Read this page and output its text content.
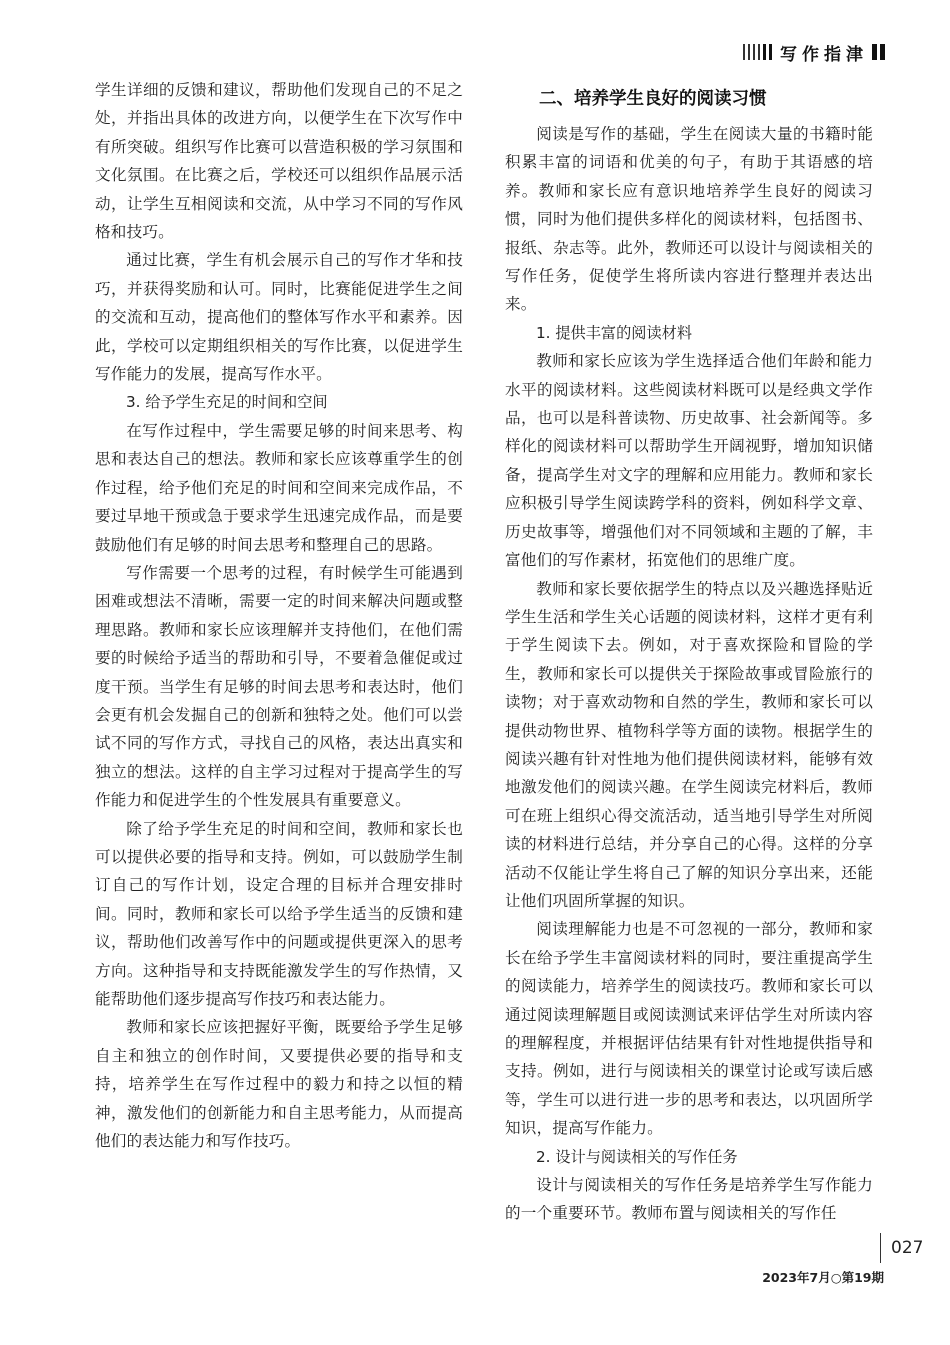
写作指津

学生详细的反馈和建议，帮助他们发现自己的不足之处，并指出具体的改进方向，以便学生在下次写作中有所突破。组织写作比赛可以营造积极的学习氛围和文化氛围。在比赛之后，学校还可以组织作品展示活动，让学生互相阅读和交流，从中学习不同的写作风格和技巧。

通过比赛，学生有机会展示自己的写作才华和技巧，并获得奖励和认可。同时，比赛能促进学生之间的交流和互动，提高他们的整体写作水平和素养。因此，学校可以定期组织相关的写作比赛，以促进学生写作能力的发展，提高写作水平。

3. 给予学生充足的时间和空间

在写作过程中，学生需要足够的时间来思考、构思和表达自己的想法。教师和家长应该尊重学生的创作过程，给予他们充足的时间和空间来完成作品，不要过早地干预或急于要求学生迅速完成作品，而是要鼓励他们有足够的时间去思考和整理自己的思路。

写作需要一个思考的过程，有时候学生可能遇到困难或想法不清晰，需要一定的时间来解决问题或整理思路。教师和家长应该理解并支持他们，在他们需要的时候给予适当的帮助和引导，不要着急催促或过度干预。当学生有足够的时间去思考和表达时，他们会更有机会发掘自己的创新和独特之处。他们可以尝试不同的写作方式，寻找自己的风格，表达出真实和独立的想法。这样的自主学习过程对于提高学生的写作能力和促进学生的个性发展具有重要意义。

除了给予学生充足的时间和空间，教师和家长也可以提供必要的指导和支持。例如，可以鼓励学生制订自己的写作计划，设定合理的目标并合理安排时间。同时，教师和家长可以给予学生适当的反馈和建议，帮助他们改善写作中的问题或提供更深入的思考方向。这种指导和支持既能激发学生的写作热情，又能帮助他们逐步提高写作技巧和表达能力。

教师和家长应该把握好平衡，既要给予学生足够自主和独立的创作时间，又要提供必要的指导和支持，培养学生在写作过程中的毅力和持之以恒的精神，激发他们的创新能力和自主思考能力，从而提高他们的表达能力和写作技巧。

二、培养学生良好的阅读习惯

阅读是写作的基础，学生在阅读大量的书籍时能积累丰富的词语和优美的句子，有助于其语感的培养。教师和家长应有意识地培养学生良好的阅读习惯，同时为他们提供多样化的阅读材料，包括图书、报纸、杂志等。此外，教师还可以设计与阅读相关的写作任务，促使学生将所读内容进行整理并表达出来。

1. 提供丰富的阅读材料

教师和家长应该为学生选择适合他们年龄和能力水平的阅读材料。这些阅读材料既可以是经典文学作品，也可以是科普读物、历史故事、社会新闻等。多样化的阅读材料可以帮助学生开阔视野，增加知识储备，提高学生对文字的理解和应用能力。教师和家长应积极引导学生阅读跨学科的资料，例如科学文章、历史故事等，增强他们对不同领域和主题的了解，丰富他们的写作素材，拓宽他们的思维广度。

教师和家长要依据学生的特点以及兴趣选择贴近学生生活和学生关心话题的阅读材料，这样才更有利于学生阅读下去。例如，对于喜欢探险和冒险的学生，教师和家长可以提供关于探险故事或冒险旅行的读物；对于喜欢动物和自然的学生，教师和家长可以提供动物世界、植物科学等方面的读物。根据学生的阅读兴趣有针对性地为他们提供阅读材料，能够有效地激发他们的阅读兴趣。在学生阅读完材料后，教师可在班上组织心得交流活动，适当地引导学生对所阅读的材料进行总结，并分享自己的心得。这样的分享活动不仅能让学生将自己了解的知识分享出来，还能让他们巩固所掌握的知识。

阅读理解能力也是不可忽视的一部分，教师和家长在给予学生丰富阅读材料的同时，要注重提高学生的阅读能力，培养学生的阅读技巧。教师和家长可以通过阅读理解题目或阅读测试来评估学生对所读内容的理解程度，并根据评估结果有针对性地提供指导和支持。例如，进行与阅读相关的课堂讨论或写读后感等，学生可以进行进一步的思考和表达，以巩固所学知识，提高写作能力。

2. 设计与阅读相关的写作任务

设计与阅读相关的写作任务是培养学生写作能力的一个重要环节。教师布置与阅读相关的写作任

027
2023年7月○第19期
